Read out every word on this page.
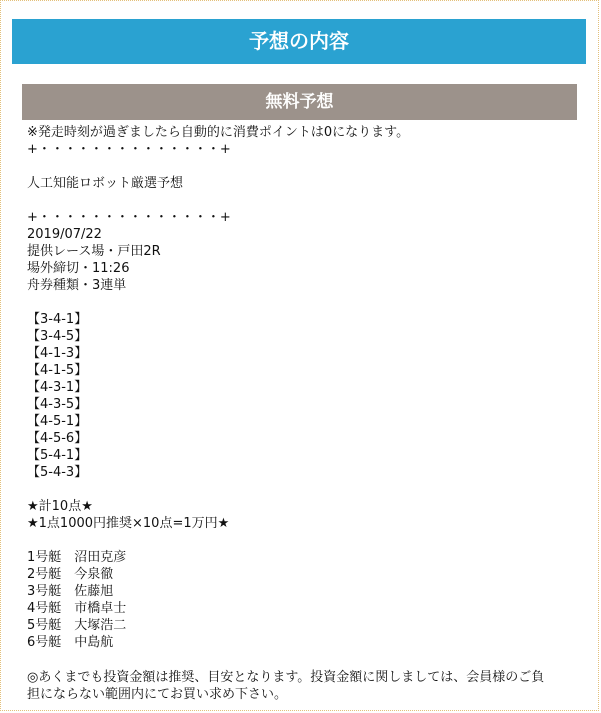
予想の内容
無料予想
※発走時刻が過ぎましたら自動的に消費ポイントは0になります。
+・・・・・・・・・・・・・・+
人工知能ロボット厳選予想
+・・・・・・・・・・・・・・+
2019/07/22
提供レース場・戸田2R
場外締切・11:26
舟券種類・3連単
【3-4-1】
【3-4-5】
【4-1-3】
【4-1-5】
【4-3-1】
【4-3-5】
【4-5-1】
【4-5-6】
【5-4-1】
【5-4-3】
★計10点★
★1点1000円推奨×10点=1万円★
1号艇　 沼田克彦
2号艇　 今泉徹
3号艇　 佐藤旭
4号艇　 市橋卓士
5号艇　 大塚浩二
6号艇　 中島航
◎あくまでも投資金額は推奨、目安となります。投資金額に関しましては、会員様のご負
担にならない範囲内にてお買い求め下さい。
